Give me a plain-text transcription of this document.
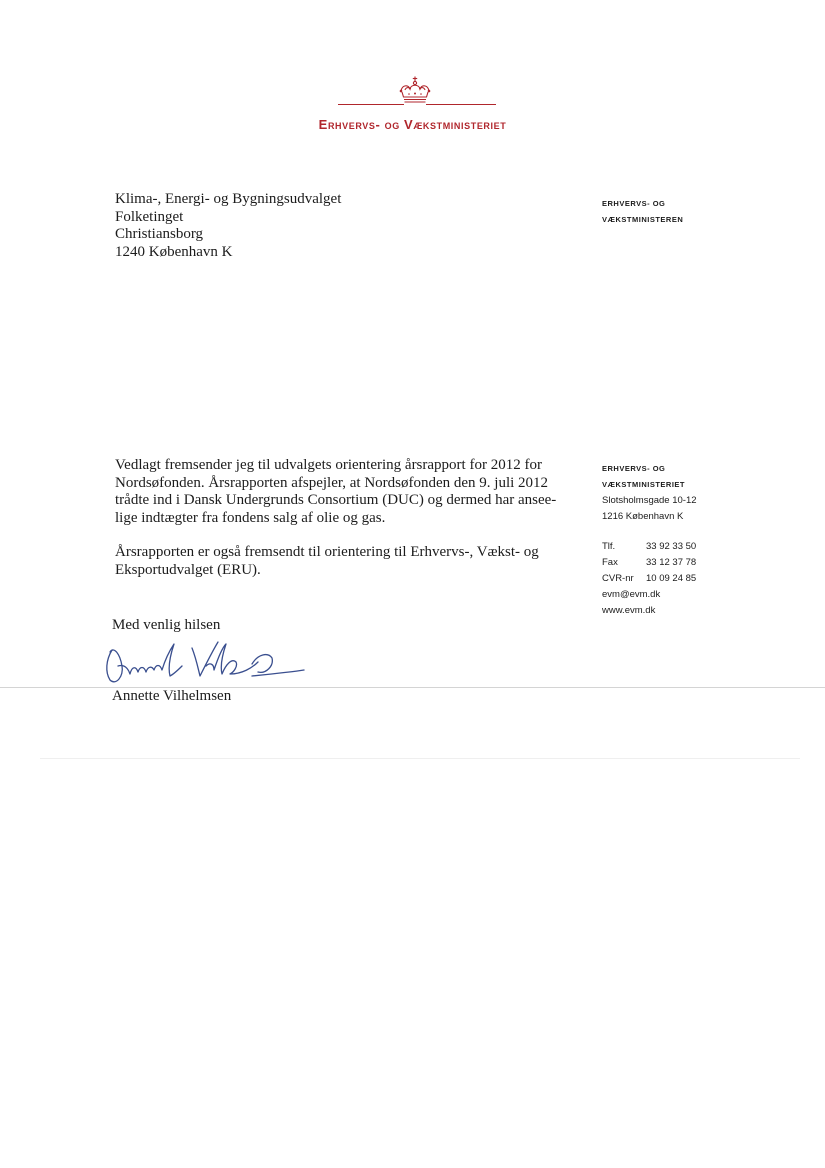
Erhvervs- og Vækstministeriet
Klima-, Energi- og Bygningsudvalget
Folketinget
Christiansborg
1240 København K
ERHVERVS- OG
VÆKSTMINISTEREN

Vedlagt fremsender jeg til udvalgets orientering årsrapport for 2012 for
Nordsøfonden. Årsrapporten afspejler, at Nordsøfonden den 9. juli 2012
trådte ind i Dansk Undergrunds Consortium (DUC) og dermed har ansee-
lige indtægter fra fondens salg af olie og gas.

Årsrapporten er også fremsendt til orientering til Erhvervs-, Vækst- og
Eksportudvalget (ERU).

ERHVERVS- OG
VÆKSTMINISTERIET
Slotsholmsgade 10-12
1216 København K
Tlf.	33 92 33 50
Fax	33 12 37 78
CVR-nr	10 09 24 85
evm@evm.dk
www.evm.dk
Med venlig hilsen
Annette Vilhelmsen
